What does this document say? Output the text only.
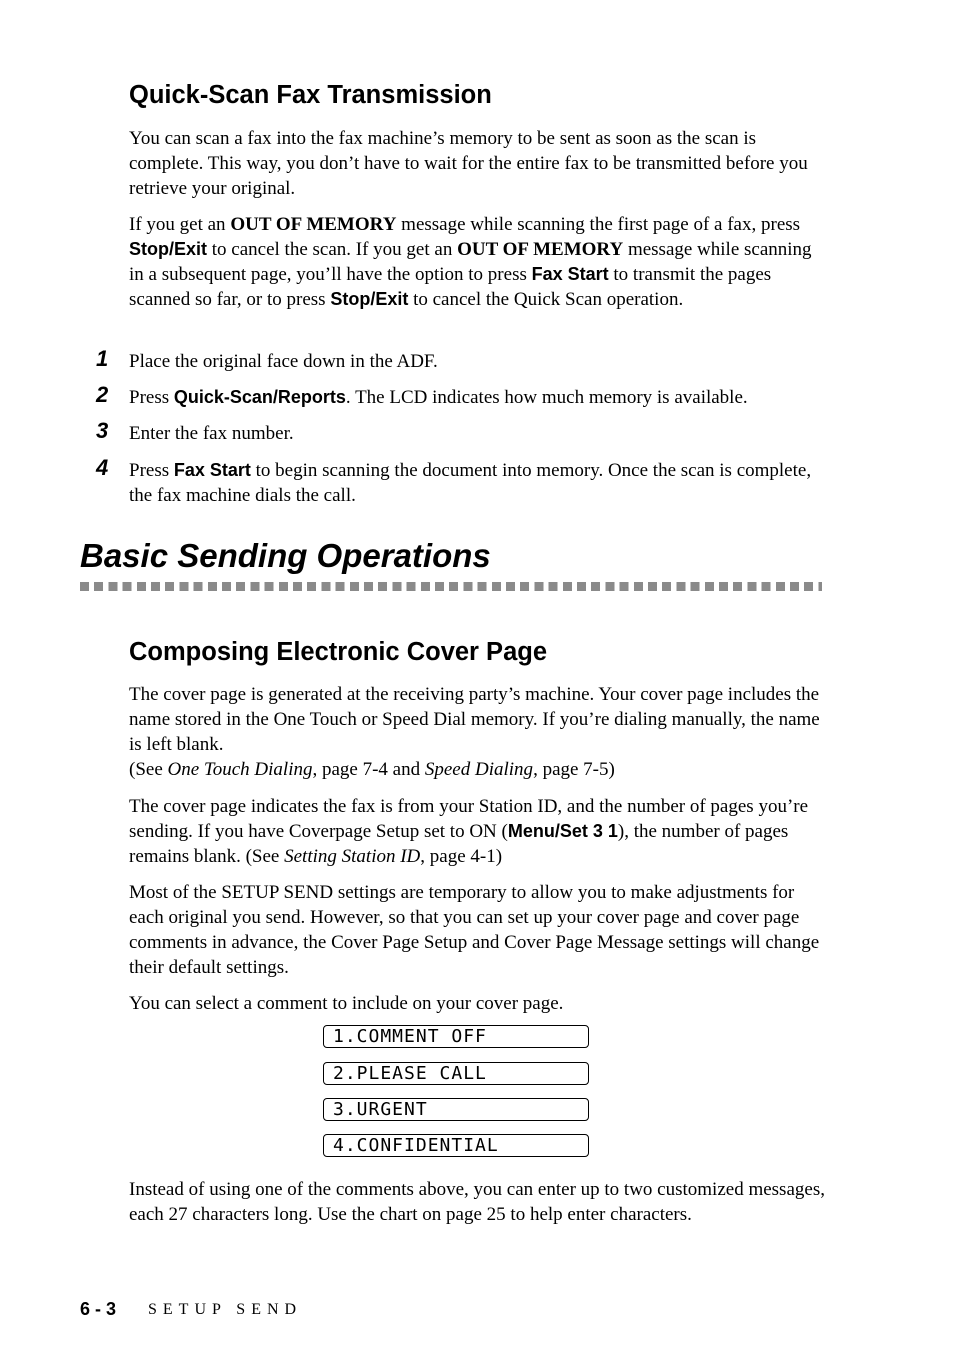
Quick-Scan Fax Transmission

You can scan a fax into the fax machine’s memory to be sent as soon as the scan is complete. This way, you don’t have to wait for the entire fax to be transmitted before you retrieve your original.

If you get an OUT OF MEMORY message while scanning the first page of a fax, press Stop/Exit to cancel the scan. If you get an OUT OF MEMORY message while scanning in a subsequent page, you’ll have the option to press Fax Start to transmit the pages scanned so far, or to press Stop/Exit to cancel the Quick Scan operation.

1 Place the original face down in the ADF.

2 Press Quick-Scan/Reports. The LCD indicates how much memory is available.

3 Enter the fax number.

4 Press Fax Start to begin scanning the document into memory. Once the scan is complete, the fax machine dials the call.

Basic Sending Operations
Composing Electronic Cover Page

The cover page is generated at the receiving party’s machine. Your cover page includes the name stored in the One Touch or Speed Dial memory. If you’re dialing manually, the name is left blank.
(See One Touch Dialing, page 7-4 and Speed Dialing, page 7-5)

The cover page indicates the fax is from your Station ID, and the number of pages you’re sending. If you have Coverpage Setup set to ON (Menu/Set 3 1), the number of pages remains blank. (See Setting Station ID, page 4-1)

Most of the SETUP SEND settings are temporary to allow you to make adjustments for each original you send. However, so that you can set up your cover page and cover page comments in advance, the Cover Page Setup and Cover Page Message settings will change their default settings.

You can select a comment to include on your cover page.

1.COMMENT OFF
2.PLEASE CALL
3.URGENT
4.CONFIDENTIAL

Instead of using one of the comments above, you can enter up to two customized messages, each 27 characters long. Use the chart on page 25 to help enter characters.

6 - 3 SETUP SEND
